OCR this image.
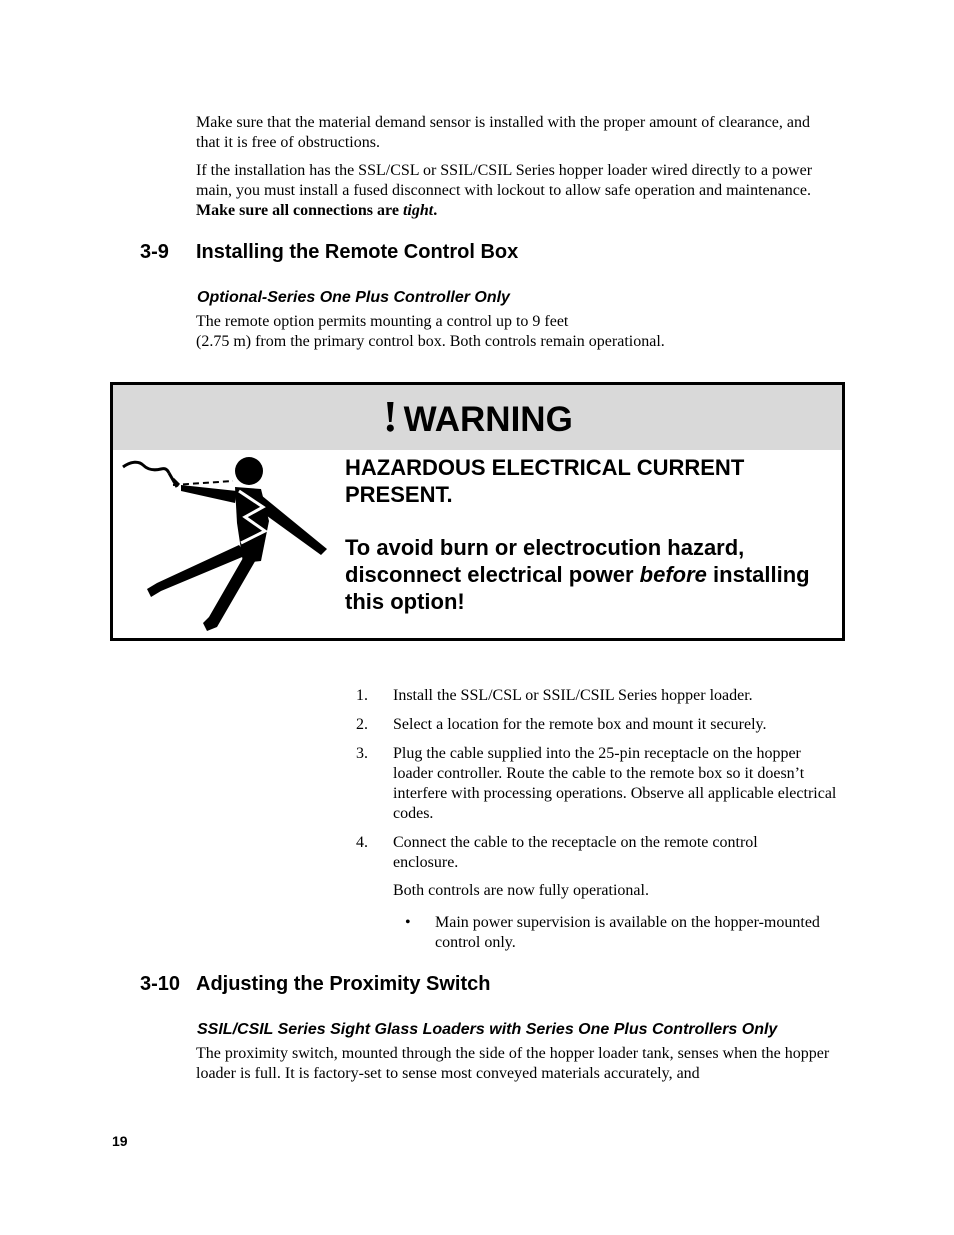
Make sure that the material demand sensor is installed with the proper amount of clearance, and that it is free of obstructions.

If the installation has the SSL/CSL or SSIL/CSIL Series hopper loader wired directly to a power main, you must install a fused disconnect with lockout to allow safe operation and maintenance. Make sure all connections are tight.

3-9 Installing the Remote Control Box
Optional-Series One Plus Controller Only

The remote option permits mounting a control up to 9 feet

(2.75 m) from the primary control box. Both controls remain operational.

! WARNING
HAZARDOUS ELECTRICAL CURRENT PRESENT.
To avoid burn or electrocution hazard, disconnect electrical power before installing this option!
1. Install the SSL/CSL or SSIL/CSIL Series hopper loader.
2. Select a location for the remote box and mount it securely.
3. Plug the cable supplied into the 25-pin receptacle on the hopper loader controller. Route the cable to the remote box so it doesn’t interfere with processing operations. Observe all applicable electrical codes.
4. Connect the cable to the receptacle on the remote control enclosure.

Both controls are now fully operational.

• Main power supervision is available on the hopper-mounted control only.
3-10 Adjusting the Proximity Switch
SSIL/CSIL Series Sight Glass Loaders with Series One Plus Controllers Only

The proximity switch, mounted through the side of the hopper loader tank, senses when the hopper loader is full. It is factory-set to sense most conveyed materials accurately, and

19
